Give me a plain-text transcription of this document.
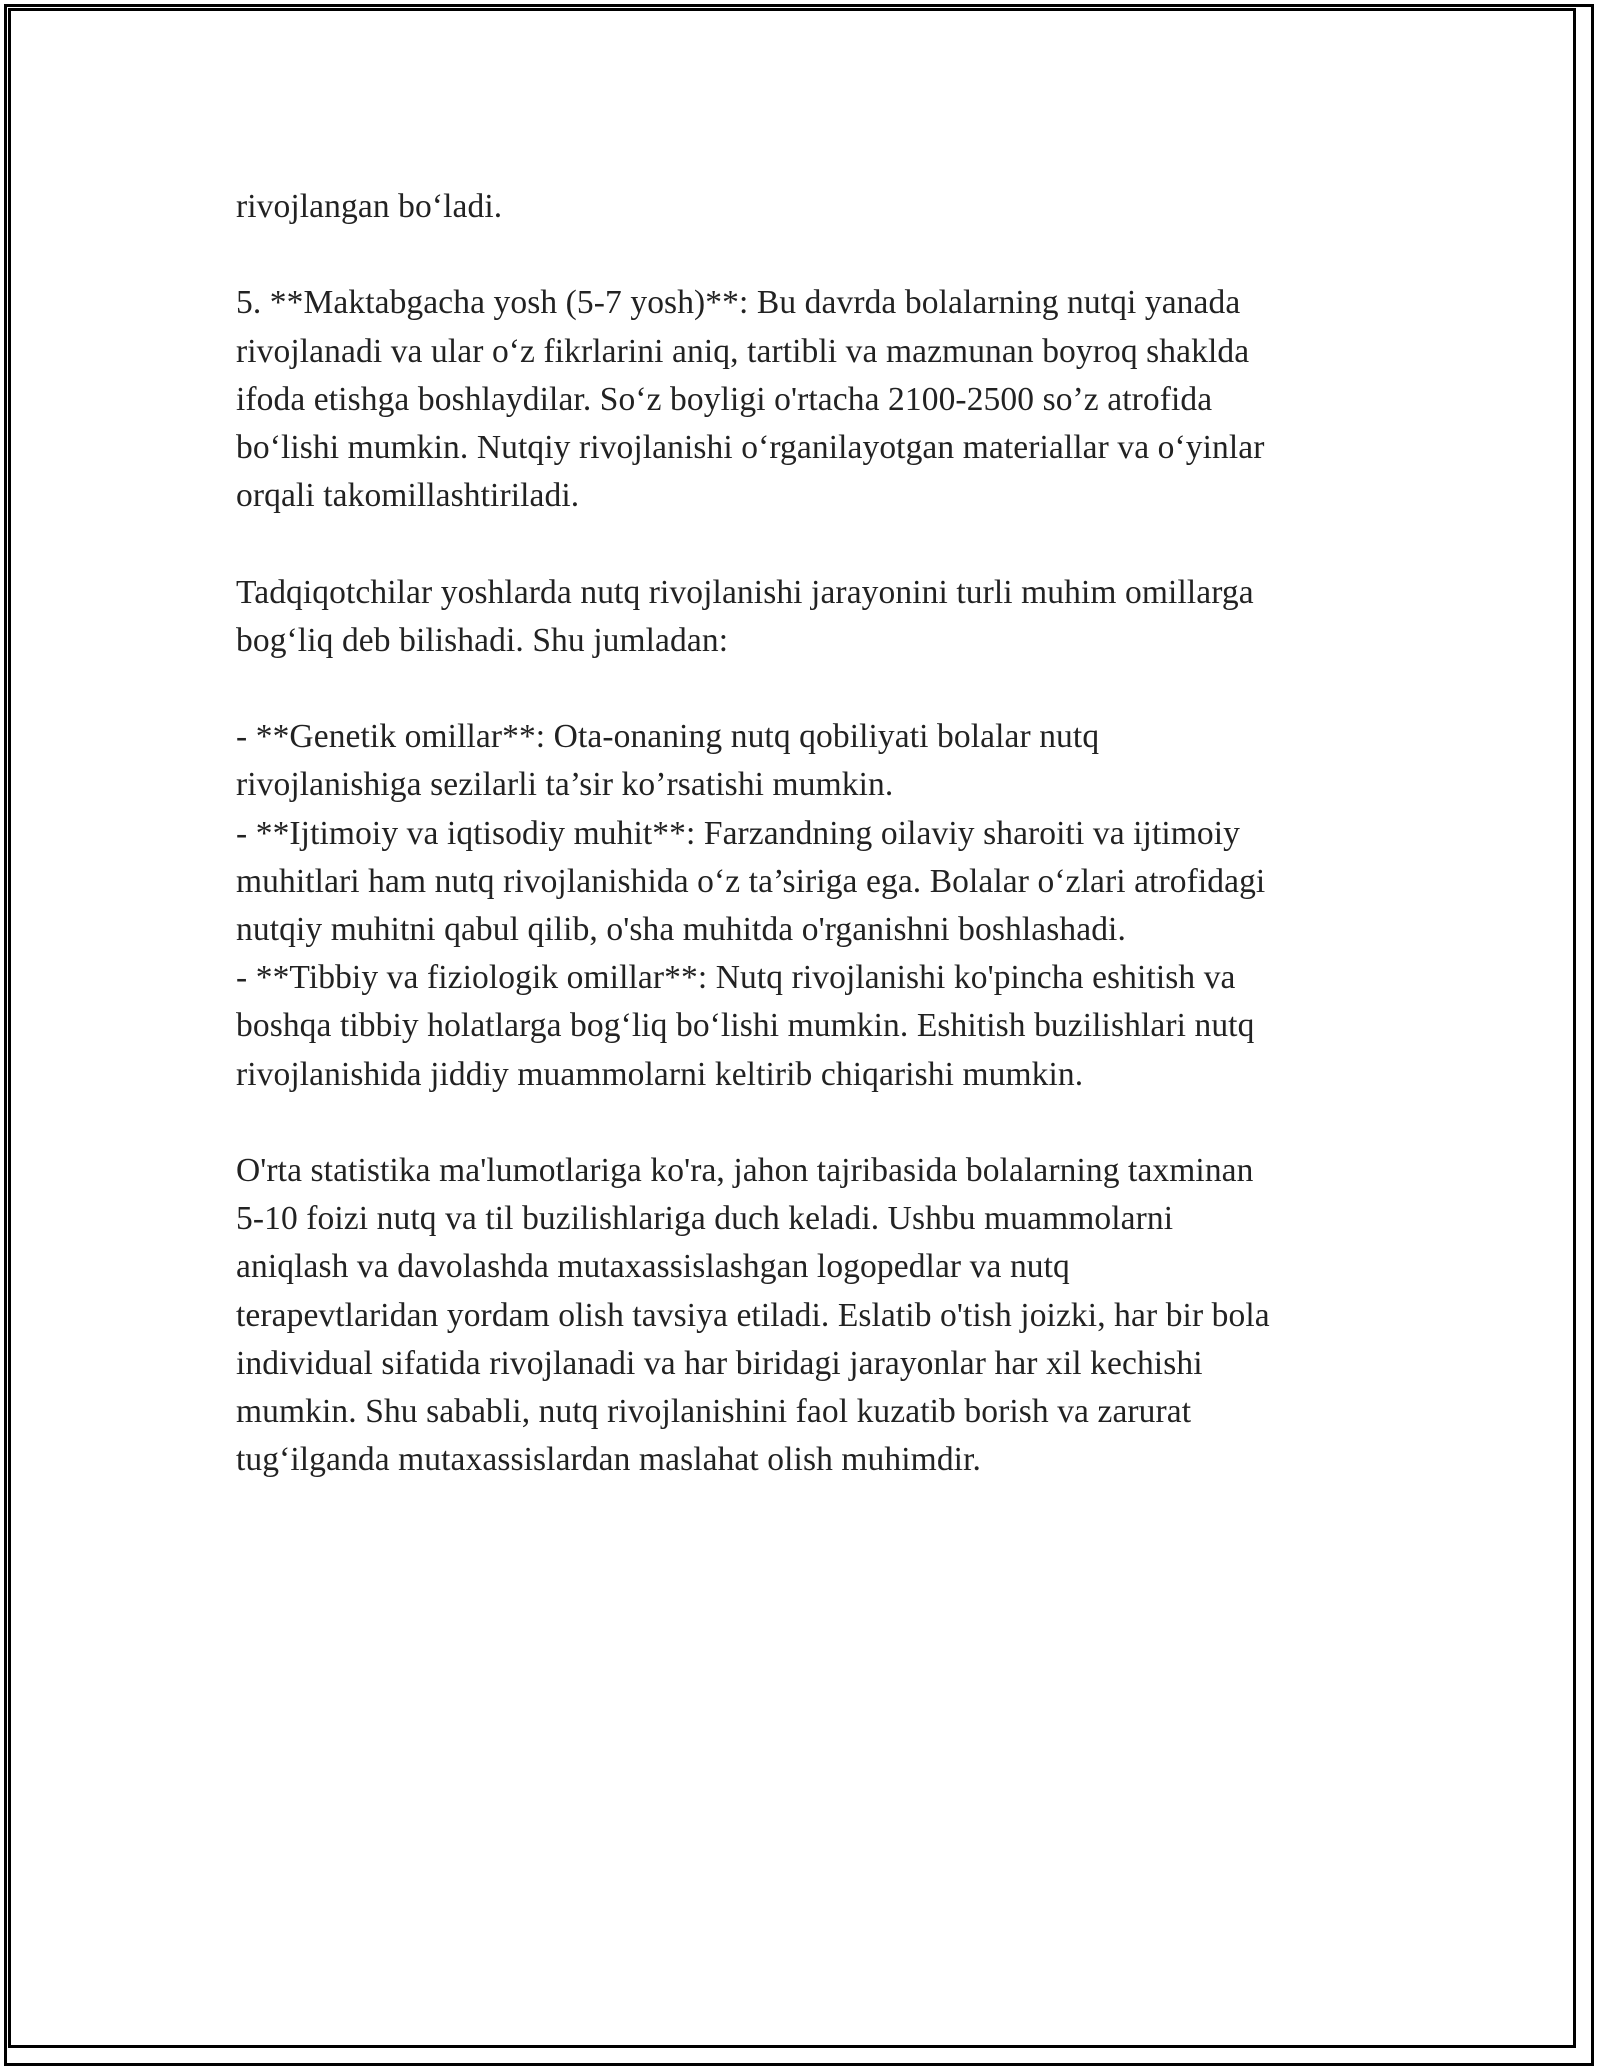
rivojlangan bo‘ladi.

5. **Maktabgacha yosh (5-7 yosh)**: Bu davrda bolalarning nutqi yanada
rivojlanadi va ular o‘z fikrlarini aniq, tartibli va mazmunan boyroq shaklda
ifoda etishga boshlaydilar. So‘z boyligi o'rtacha 2100-2500 so’z atrofida
bo‘lishi mumkin. Nutqiy rivojlanishi o‘rganilayotgan materiallar va o‘yinlar
orqali takomillashtiriladi.

Tadqiqotchilar yoshlarda nutq rivojlanishi jarayonini turli muhim omillarga
bog‘liq deb bilishadi. Shu jumladan:

- **Genetik omillar**: Ota-onaning nutq qobiliyati bolalar nutq
rivojlanishiga sezilarli ta’sir ko’rsatishi mumkin.
- **Ijtimoiy va iqtisodiy muhit**: Farzandning oilaviy sharoiti va ijtimoiy
muhitlari ham nutq rivojlanishida o‘z ta’siriga ega. Bolalar o‘zlari atrofidagi
nutqiy muhitni qabul qilib, o'sha muhitda o'rganishni boshlashadi.
- **Tibbiy va fiziologik omillar**: Nutq rivojlanishi ko'pincha eshitish va
boshqa tibbiy holatlarga bog‘liq bo‘lishi mumkin. Eshitish buzilishlari nutq
rivojlanishida jiddiy muammolarni keltirib chiqarishi mumkin.

O'rta statistika ma'lumotlariga ko'ra, jahon tajribasida bolalarning taxminan
5-10 foizi nutq va til buzilishlariga duch keladi. Ushbu muammolarni
aniqlash va davolashda mutaxassislashgan logopedlar va nutq
terapevtlaridan yordam olish tavsiya etiladi. Eslatib o'tish joizki, har bir bola
individual sifatida rivojlanadi va har biridagi jarayonlar har xil kechishi
mumkin. Shu sababli, nutq rivojlanishini faol kuzatib borish va zarurat
tug‘ilganda mutaxassislardan maslahat olish muhimdir.
